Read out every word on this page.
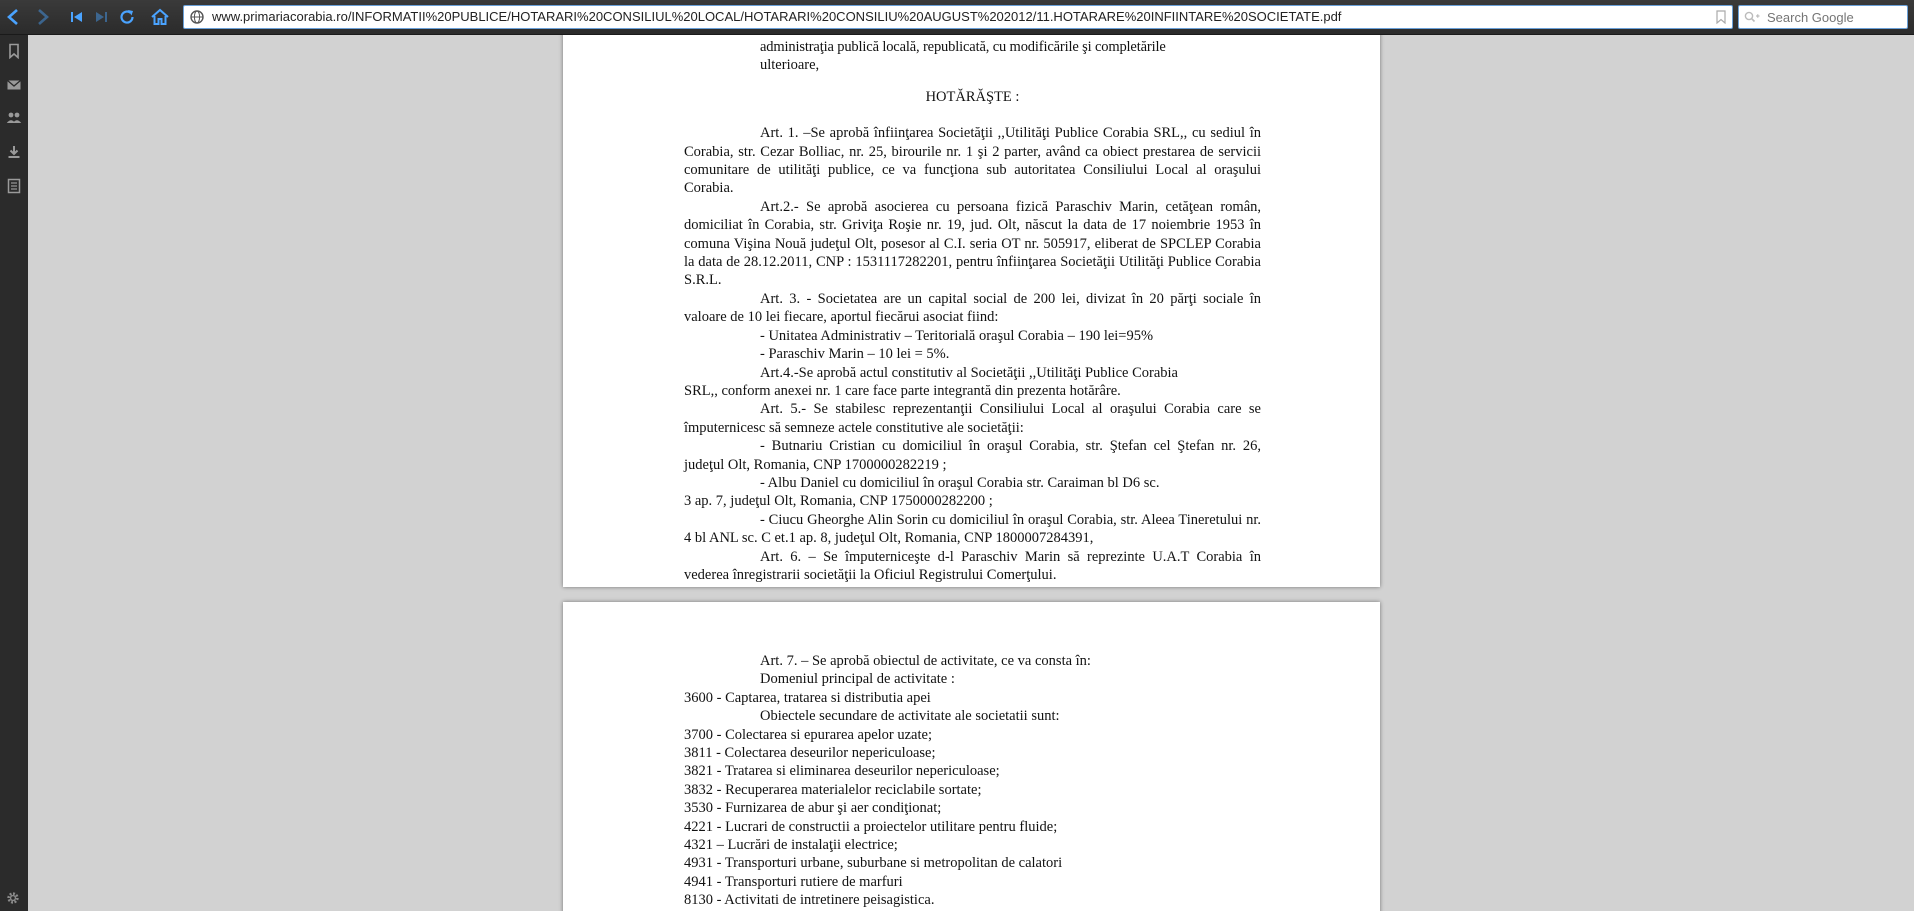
www.primariacorabia.ro/INFORMATII%20PUBLICE/HOTARARI%20CONSILIUL%20LOCAL/HOTARARI%20CONSILIU%20AUGUST%202012/11.HOTARARE%20INFIINTARE%20SOCIETATE.pdf
Search Google

administraţia publică locală, republicată, cu modificările şi completările

ulterioare,

HOTĂRĂŞTE :

Art. 1. –Se aprobă înfiinţarea Societăţii ,,Utilităţi Publice Corabia SRL,, cu sediul în Corabia, str. Cezar Bolliac, nr. 25, birourile nr. 1 şi 2 parter, având ca obiect prestarea de servicii comunitare de utilităţi publice, ce va funcţiona sub autoritatea Consiliului Local al oraşului Corabia.

Art.2.- Se aprobă asocierea cu persoana fizică Paraschiv Marin, cetăţean român, domiciliat în Corabia, str. Griviţa Roşie nr. 19, jud. Olt, născut la data de 17 noiembrie 1953 în comuna Vişina Nouă judeţul Olt, posesor al C.I. seria OT nr. 505917, eliberat de SPCLEP Corabia la data de 28.12.2011, CNP : 1531117282201, pentru înfiinţarea Societăţii Utilităţi Publice Corabia S.R.L.

Art. 3. - Societatea are un capital social de 200 lei, divizat în 20 părţi sociale în valoare de 10 lei fiecare, aportul fiecărui asociat fiind:

- Unitatea Administrativ – Teritorială oraşul Corabia – 190 lei=95%

- Paraschiv Marin – 10 lei = 5%.

Art.4.-Se aprobă actul constitutiv al Societăţii ,,Utilităţi Publice Corabia

SRL,, conform anexei nr. 1 care face parte integrantă din prezenta hotărâre.

Art. 5.- Se stabilesc reprezentanţii Consiliului Local al oraşului Corabia care se împuternicesc să semneze actele constitutive ale societăţii:

- Butnariu Cristian cu domiciliul în oraşul Corabia, str. Ştefan cel Ştefan nr. 26, judeţul Olt, Romania, CNP 1700000282219 ;

- Albu Daniel cu domiciliul în oraşul Corabia str. Caraiman bl D6 sc.

3 ap. 7, judeţul Olt, Romania, CNP 1750000282200 ;

- Ciucu Gheorghe Alin Sorin cu domiciliul în oraşul Corabia, str. Aleea Tineretului nr. 4 bl ANL sc. C et.1 ap. 8, judeţul Olt, Romania, CNP 1800007284391,

Art. 6. – Se împuterniceşte d-l Paraschiv Marin să reprezinte U.A.T Corabia în vederea înregistrarii societăţii la Oficiul Registrului Comerţului.

Art. 7. – Se aprobă obiectul de activitate, ce va consta în:

Domeniul principal de activitate :

3600 - Captarea, tratarea si distributia apei

Obiectele secundare de activitate ale societatii sunt:

3700 - Colectarea si epurarea apelor uzate;

3811 - Colectarea deseurilor nepericuloase;

3821 - Tratarea si eliminarea deseurilor nepericuloase;

3832 - Recuperarea materialelor reciclabile sortate;

3530 - Furnizarea de abur şi aer condiţionat;

4221 - Lucrari de constructii a proiectelor utilitare pentru fluide;

4321 – Lucrări de instalaţii electrice;

4931 - Transporturi urbane, suburbane si metropolitan de calatori

4941 - Transporturi rutiere de marfuri

8130 - Activitati de intretinere peisagistica.
